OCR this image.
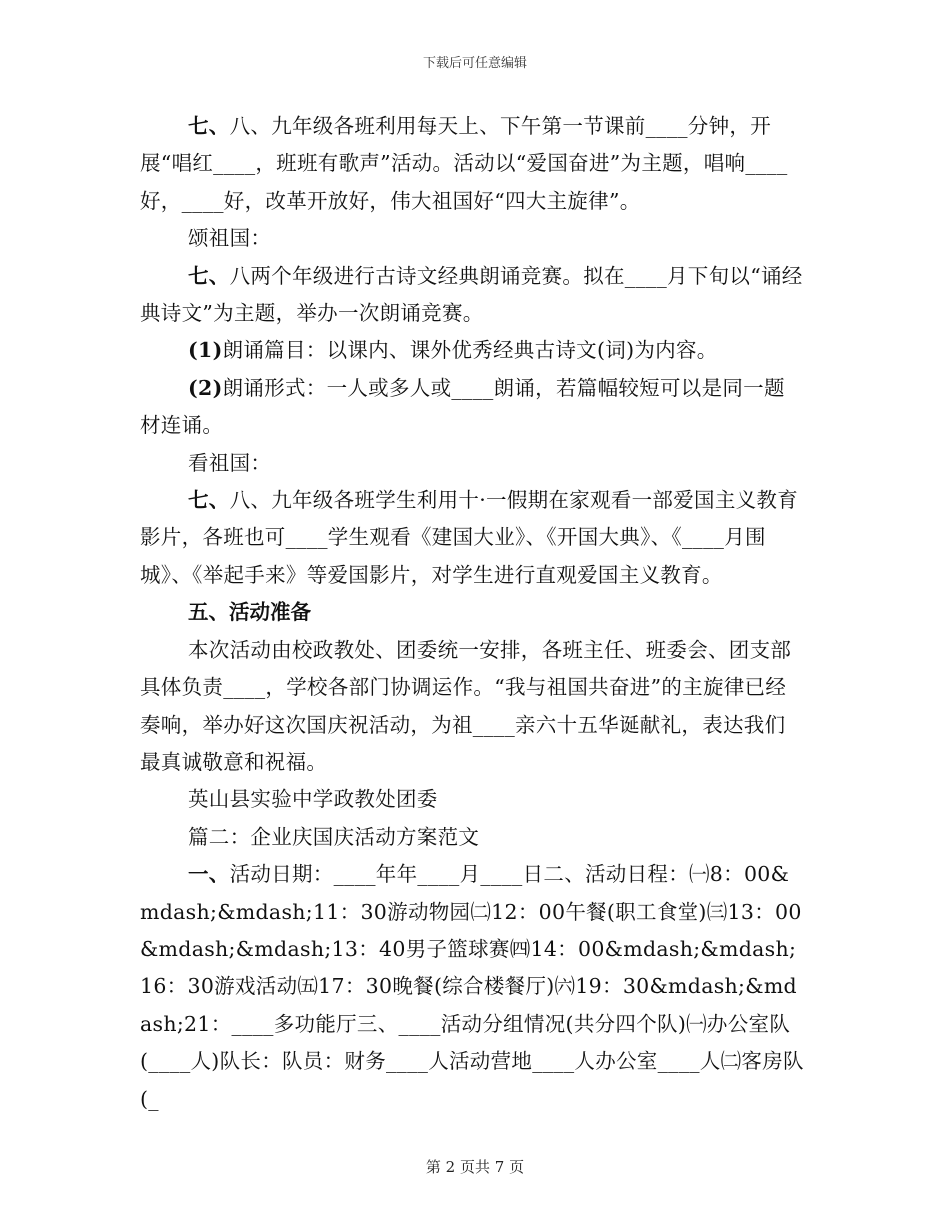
下载后可任意编辑

七、八、九年级各班利用每天上、下午第一节课前____分钟，开展“唱红____，班班有歌声”活动。活动以“爱国奋进”为主题，唱响____好，____好，改革开放好，伟大祖国好“四大主旋律”。

颂祖国：

七、八两个年级进行古诗文经典朗诵竞赛。拟在____月下旬以“诵经典诗文”为主题，举办一次朗诵竞赛。

(1)朗诵篇目：以课内、课外优秀经典古诗文(词)为内容。

(2)朗诵形式：一人或多人或____朗诵，若篇幅较短可以是同一题材连诵。

看祖国：

七、八、九年级各班学生利用十·一假期在家观看一部爱国主义教育影片，各班也可____学生观看《建国大业》、《开国大典》、《____月围城》、《举起手来》等爱国影片，对学生进行直观爱国主义教育。

五、活动准备

本次活动由校政教处、团委统一安排，各班主任、班委会、团支部具体负责____，学校各部门协调运作。“我与祖国共奋进”的主旋律已经奏响，举办好这次国庆祝活动，为祖____亲六十五华诞献礼，表达我们最真诚敬意和祝福。

英山县实验中学政教处团委

篇二：企业庆国庆活动方案范文

一、活动日期：____年年____月____日二、活动日程：㈠8：00&mdash;&mdash;11：30游动物园㈡12：00午餐(职工食堂)㈢13：00&mdash;&mdash;13：40男子篮球赛㈣14：00&mdash;&mdash;16：30游戏活动㈤17：30晚餐(综合楼餐厅)㈥19：30&mdash;&mdash;21：____多功能厅三、____活动分组情况(共分四个队)㈠办公室队(____人)队长：队员：财务____人活动营地____人办公室____人㈡客房队(_

第 2 页共 7 页
